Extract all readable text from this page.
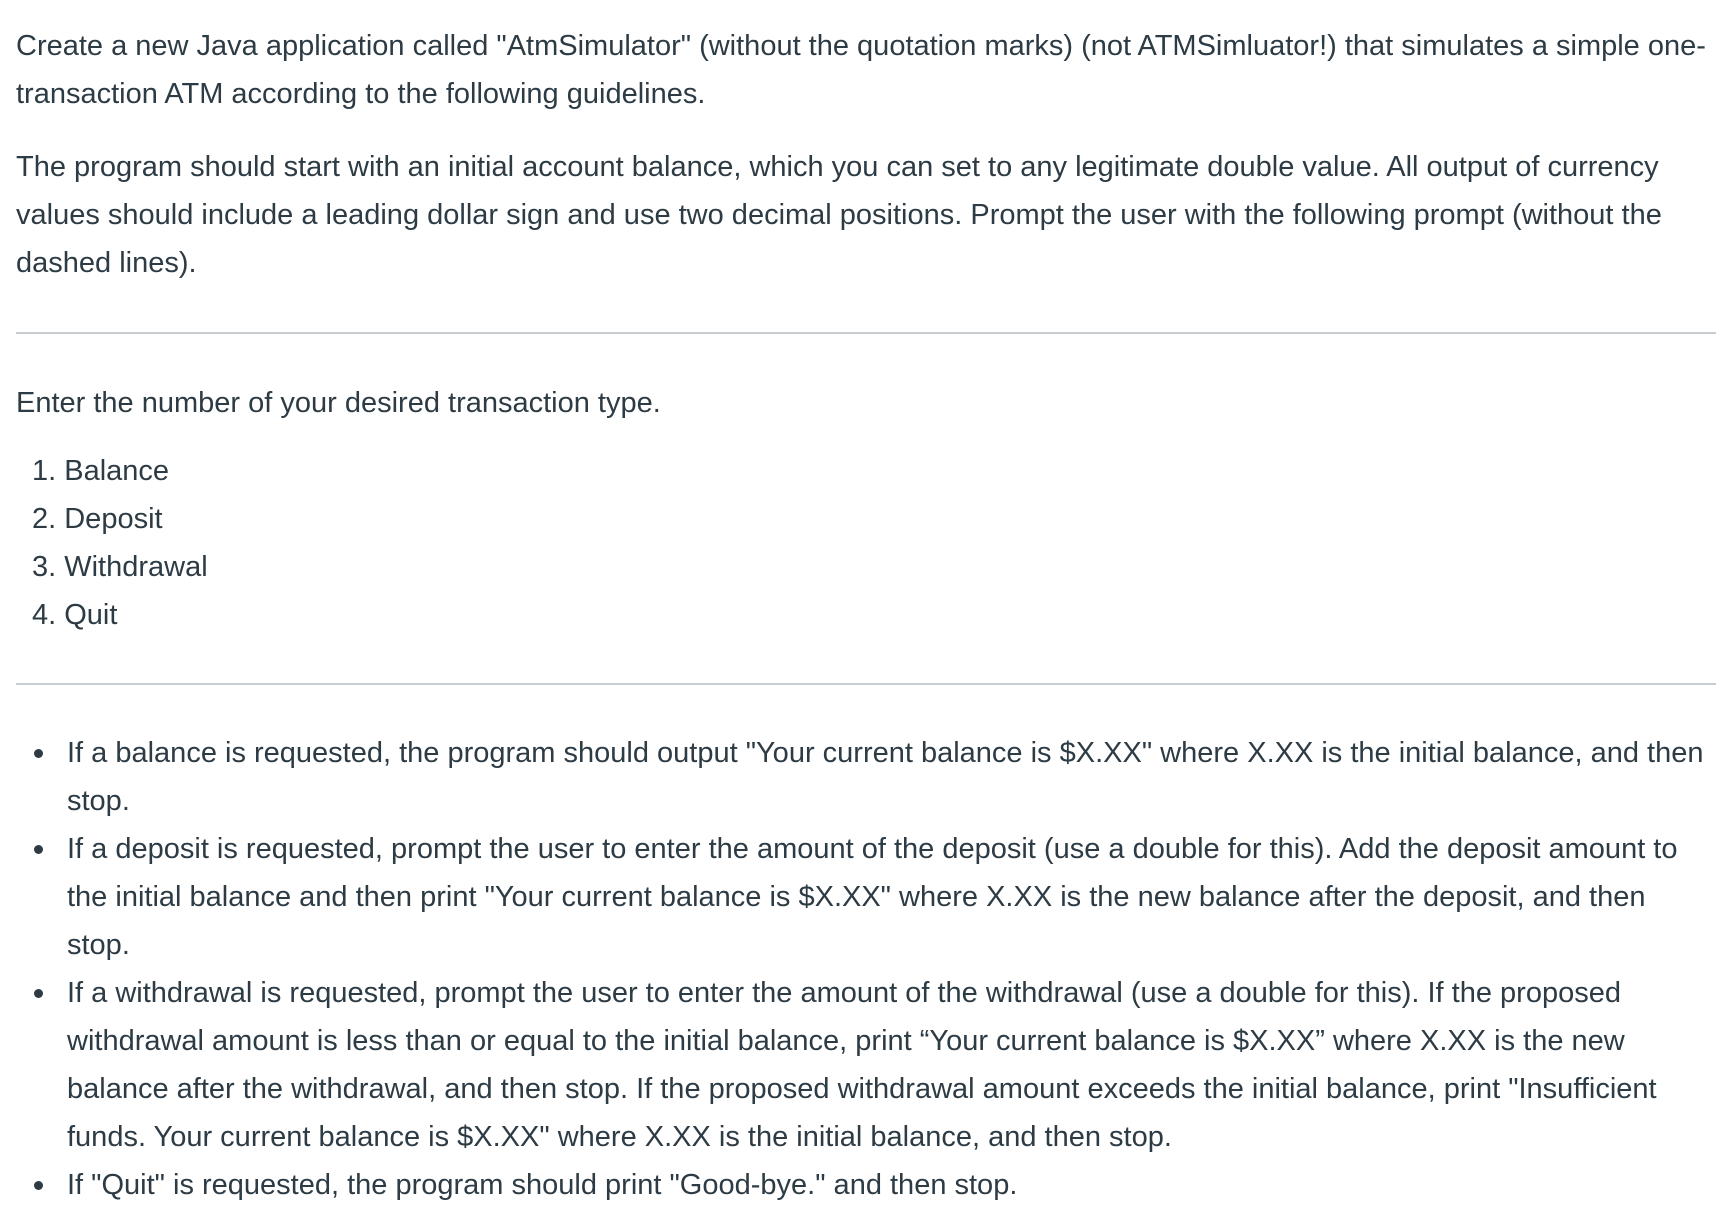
Create a new Java application called "AtmSimulator" (without the quotation marks) (not ATMSimluator!) that simulates a simple one-transaction ATM according to the following guidelines.

The program should start with an initial account balance, which you can set to any legitimate double value. All output of currency values should include a leading dollar sign and use two decimal positions. Prompt the user with the following prompt (without the dashed lines).

Enter the number of your desired transaction type.

1. Balance
2. Deposit
3. Withdrawal
4. Quit
If a balance is requested, the program should output "Your current balance is $X.XX" where X.XX is the initial balance, and then stop.
If a deposit is requested, prompt the user to enter the amount of the deposit (use a double for this). Add the deposit amount to the initial balance and then print "Your current balance is $X.XX" where X.XX is the new balance after the deposit, and then stop.
If a withdrawal is requested, prompt the user to enter the amount of the withdrawal (use a double for this). If the proposed withdrawal amount is less than or equal to the initial balance, print “Your current balance is $X.XX” where X.XX is the new balance after the withdrawal, and then stop. If the proposed withdrawal amount exceeds the initial balance, print "Insufficient funds. Your current balance is $X.XX" where X.XX is the initial balance, and then stop.
If "Quit" is requested, the program should print "Good-bye." and then stop.
